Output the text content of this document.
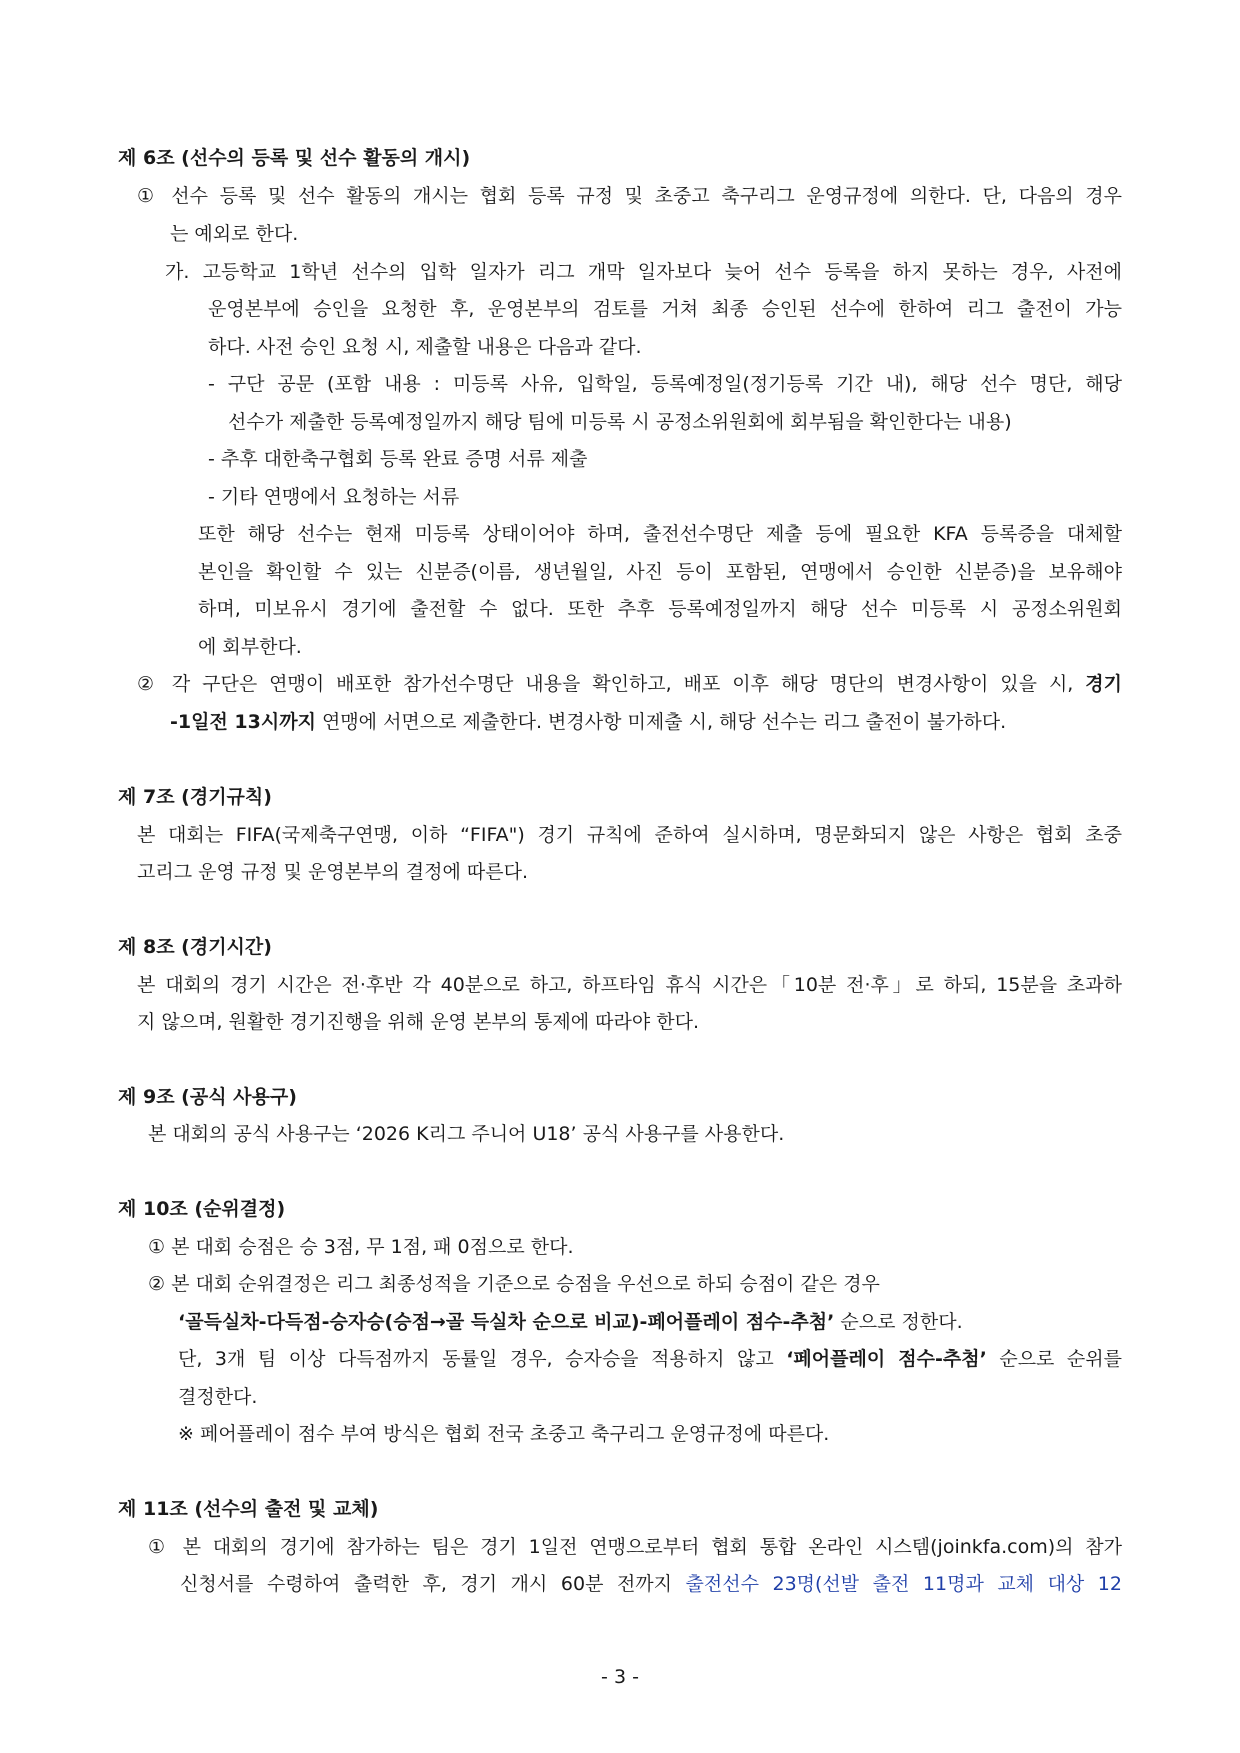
제 6조 (선수의 등록 및 선수 활동의 개시)

① 선수 등록 및 선수 활동의 개시는 협회 등록 규정 및 초중고 축구리그 운영규정에 의한다. 단, 다음의 경우

는 예외로 한다.

가. 고등학교 1학년 선수의 입학 일자가 리그 개막 일자보다 늦어 선수 등록을 하지 못하는 경우, 사전에

운영본부에 승인을 요청한 후, 운영본부의 검토를 거쳐 최종 승인된 선수에 한하여 리그 출전이 가능

하다. 사전 승인 요청 시, 제출할 내용은 다음과 같다.

- 구단 공문 (포함 내용 : 미등록 사유, 입학일, 등록예정일(정기등록 기간 내), 해당 선수 명단, 해당

선수가 제출한 등록예정일까지 해당 팀에 미등록 시 공정소위원회에 회부됨을 확인한다는 내용)

- 추후 대한축구협회 등록 완료 증명 서류 제출

- 기타 연맹에서 요청하는 서류

또한 해당 선수는 현재 미등록 상태이어야 하며, 출전선수명단 제출 등에 필요한 KFA 등록증을 대체할

본인을 확인할 수 있는 신분증(이름, 생년월일, 사진 등이 포함된, 연맹에서 승인한 신분증)을 보유해야

하며, 미보유시 경기에 출전할 수 없다. 또한 추후 등록예정일까지 해당 선수 미등록 시 공정소위원회

에 회부한다.

② 각 구단은 연맹이 배포한 참가선수명단 내용을 확인하고, 배포 이후 해당 명단의 변경사항이 있을 시, 경기

-1일전 13시까지 연맹에 서면으로 제출한다. 변경사항 미제출 시, 해당 선수는 리그 출전이 불가하다.

제 7조 (경기규칙)

본 대회는 FIFA(국제축구연맹, 이하 “FIFA") 경기 규칙에 준하여 실시하며, 명문화되지 않은 사항은 협회 초중

고리그 운영 규정 및 운영본부의 결정에 따른다.

제 8조 (경기시간)

본 대회의 경기 시간은 전·후반 각 40분으로 하고, 하프타임 휴식 시간은「10분 전·후」로 하되, 15분을 초과하

지 않으며, 원활한 경기진행을 위해 운영 본부의 통제에 따라야 한다.

제 9조 (공식 사용구)

본 대회의 공식 사용구는 ‘2026 K리그 주니어 U18’ 공식 사용구를 사용한다.

제 10조 (순위결정)

① 본 대회 승점은 승 3점, 무 1점, 패 0점으로 한다.

② 본 대회 순위결정은 리그 최종성적을 기준으로 승점을 우선으로 하되 승점이 같은 경우

‘골득실차-다득점-승자승(승점→골 득실차 순으로 비교)-페어플레이 점수-추첨’ 순으로 정한다.

단, 3개 팀 이상 다득점까지 동률일 경우, 승자승을 적용하지 않고 ‘페어플레이 점수-추첨’ 순으로 순위를

결정한다.

※ 페어플레이 점수 부여 방식은 협회 전국 초중고 축구리그 운영규정에 따른다.

제 11조 (선수의 출전 및 교체)

① 본 대회의 경기에 참가하는 팀은 경기 1일전 연맹으로부터 협회 통합 온라인 시스템(joinkfa.com)의 참가

신청서를 수령하여 출력한 후, 경기 개시 60분 전까지 출전선수 23명(선발 출전 11명과 교체 대상 12

- 3 -
